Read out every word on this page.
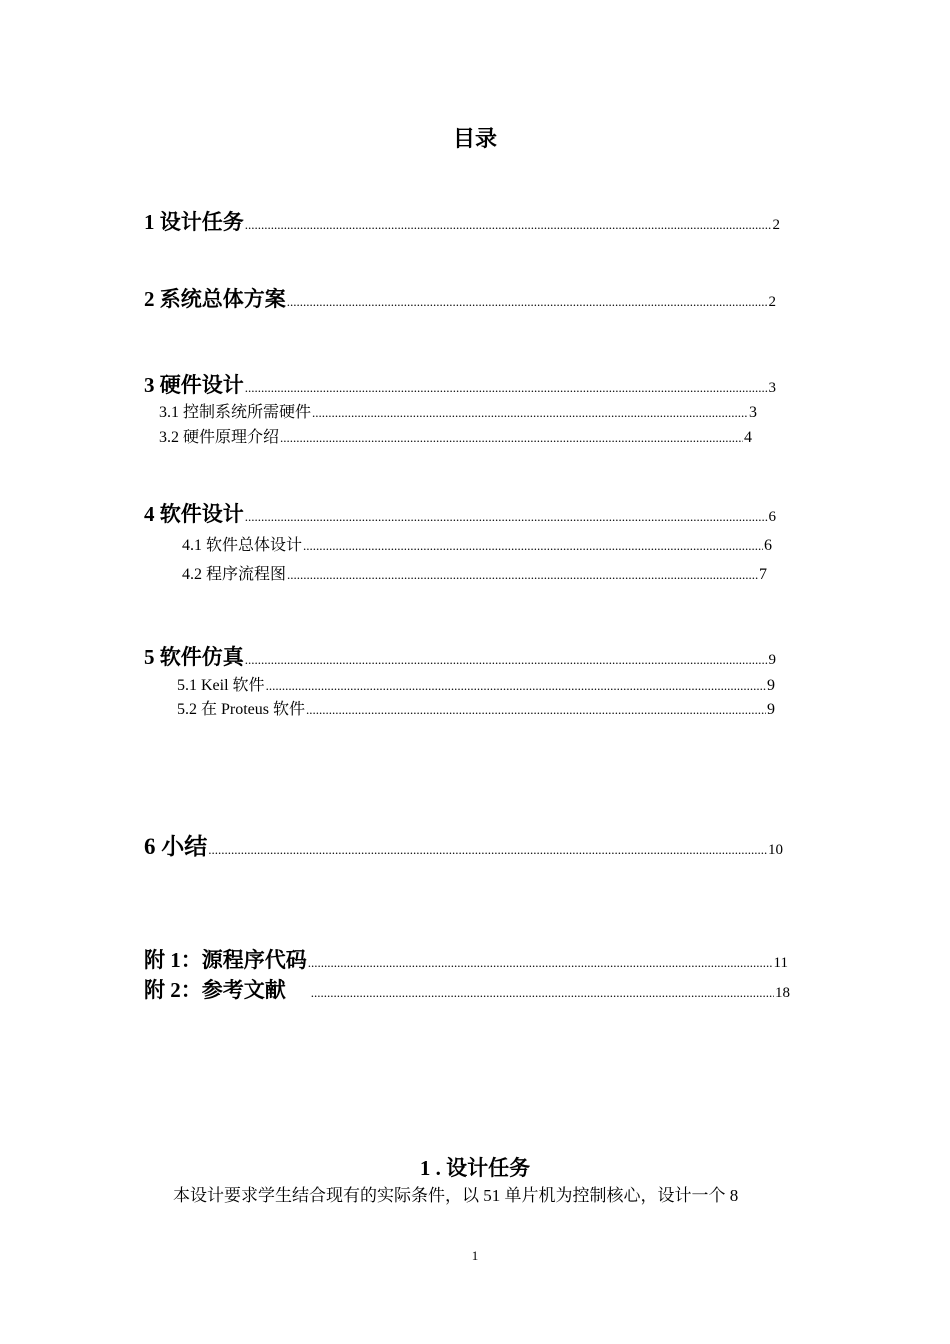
目录
1 设计任务 .....	2
2 系统总体方案 .....	2
3 硬件设计 .....	3
3.1 控制系统所需硬件 .....	3
3.2 硬件原理介绍 .....	4
4 软件设计 .....	6
4.1 软件总体设计 .....	6
4.2 程序流程图 .....	7
5 软件仿真 .....	9
5.1 Keil 软件 .....	9
5.2 在 Proteus 软件 .....	9
6 小结 .....	10
附 1：源程序代码 .....	11
附 2：参考文献 .....	18
1 . 设计任务
本设计要求学生结合现有的实际条件，以 51 单片机为控制核心，设计一个 8
1
